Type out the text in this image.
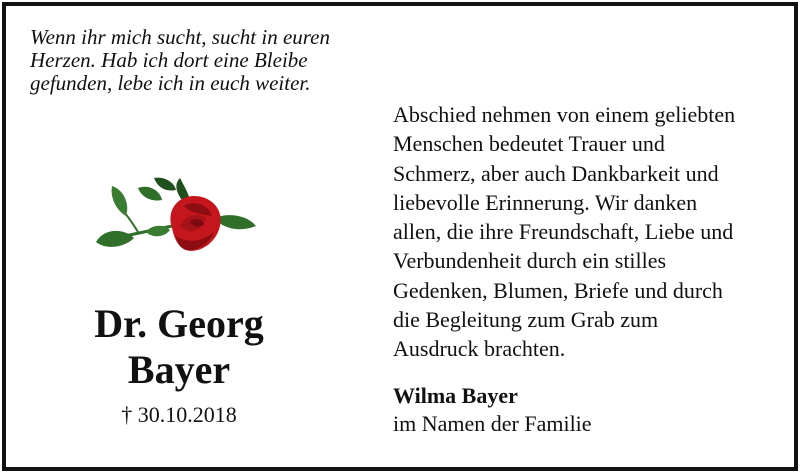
Wenn ihr mich sucht, sucht in euren
Herzen. Hab ich dort eine Bleibe
gefunden, lebe ich in euch weiter.
Dr. Georg
Bayer
† 30.10.2018
Abschied nehmen von einem geliebten
Menschen bedeutet Trauer und
Schmerz, aber auch Dankbarkeit und
liebevolle Erinnerung. Wir danken
allen, die ihre Freundschaft, Liebe und
Verbundenheit durch ein stilles
Gedenken, Blumen, Briefe und durch
die Begleitung zum Grab zum
Ausdruck brachten.
Wilma Bayer
im Namen der Familie
